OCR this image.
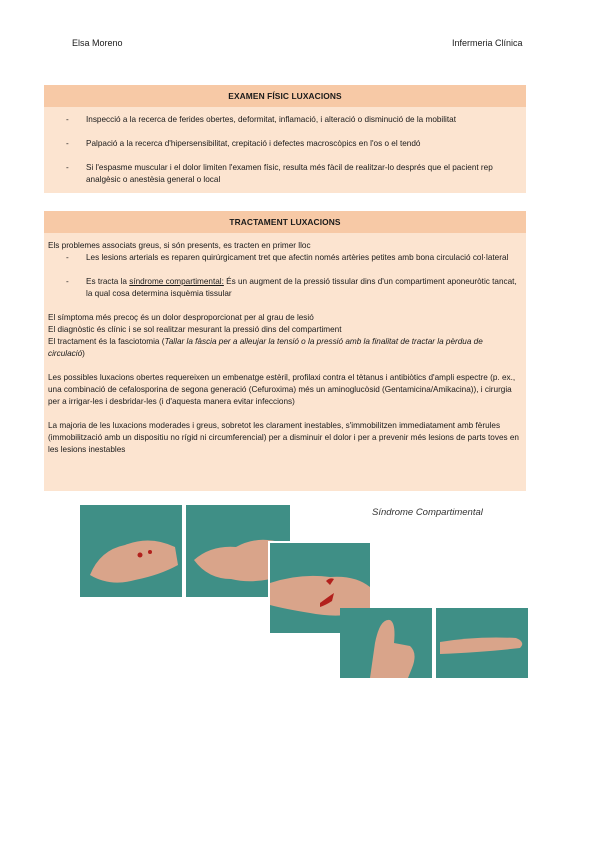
Elsa Moreno	Infermeria Clínica
EXAMEN FÍSIC LUXACIONS
- Inspecció a la recerca de ferides obertes, deformitat, inflamació, i alteració o disminució de la mobilitat
- Palpació a la recerca d'hipersensibilitat, crepitació i defectes macroscòpics en l'os o el tendó
- Si l'espasme muscular i el dolor limiten l'examen físic, resulta més fàcil de realitzar-lo després que el pacient rep analgèsic o anestèsia general o local
TRACTAMENT LUXACIONS
Els problemes associats greus, si són presents, es tracten en primer lloc
- Les lesions arterials es reparen quirúrgicament tret que afectin només artèries petites amb bona circulació col·lateral
- Es tracta la síndrome compartimental: És un augment de la pressió tissular dins d'un compartiment aponeuròtic tancat, la qual cosa determina isquèmia tissular
El símptoma més precoç és un dolor desproporcionat per al grau de lesió
El diagnòstic és clínic i se sol realitzar mesurant la pressió dins del compartiment
El tractament és la fasciotomia (Tallar la fàscia per a alleujar la tensió o la pressió amb la finalitat de tractar la pèrdua de circulació)
Les possibles luxacions obertes requereixen un embenatge estèril, profilaxi contra el tètanus i antibiòtics d'ampli espectre (p. ex., una combinació de cefalosporina de segona generació (Cefuroxima) més un aminoglucòsid (Gentamicina/Amikacina)), i cirurgia per a irrigar-les i desbridar-les (i d'aquesta manera evitar infeccions)
La majoria de les luxacions moderades i greus, sobretot les clarament inestables, s'immobilitzen immediatament amb fèrules (immobilització amb un dispositiu no rígid ni circumferencial) per a disminuir el dolor i per a prevenir més lesions de parts toves en les lesions inestables
Síndrome Compartimental
